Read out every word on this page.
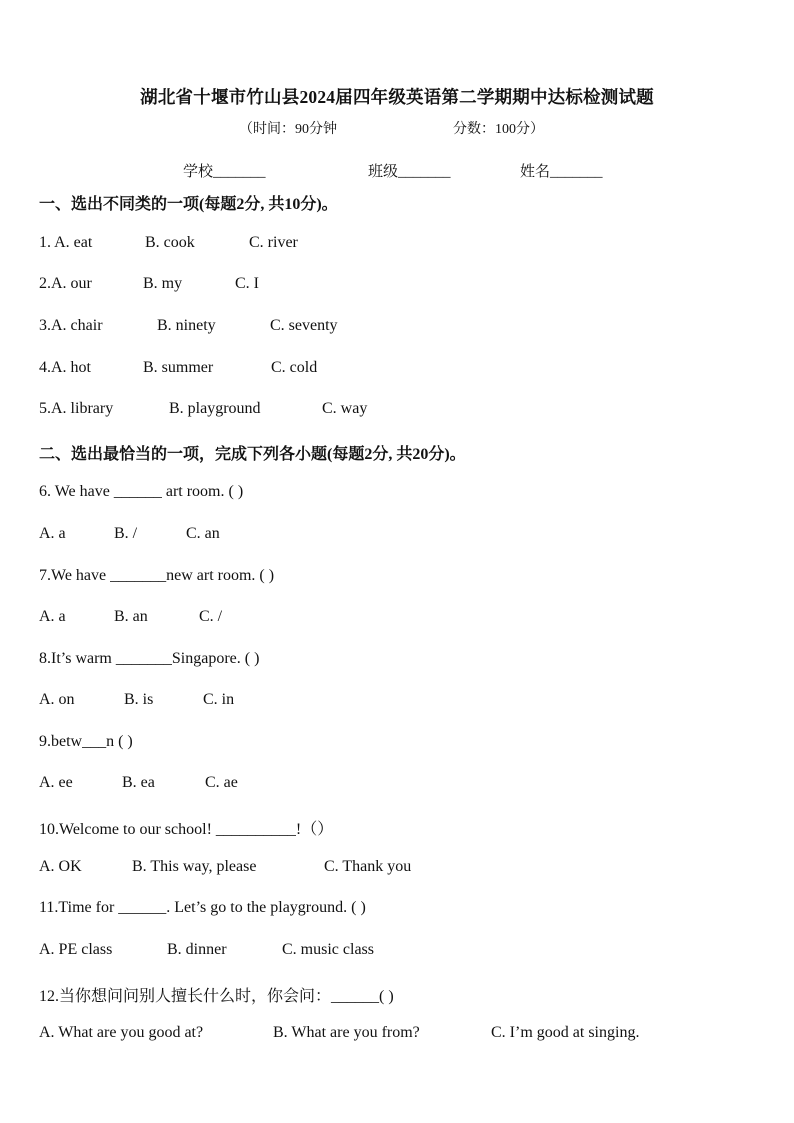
湖北省十堰市竹山县2024届四年级英语第二学期期中达标检测试题
（时间：90分钟	分数：100分）
学校_______	班级_______	姓名_______
一、选出不同类的一项(每题2分, 共10分)。
1. A. eat	B. cook	C. river
2.A. our	B. my	C. I
3.A. chair	B. ninety	C. seventy
4.A. hot	B. summer	C. cold
5.A. library	B. playground	C. way
二、选出最恰当的一项，完成下列各小题(每题2分, 共20分)。
6. We have ______ art room. ( )
A. a	B. /	C. an
7.We have _______new art room. ( )
A. a	B. an	C. /
8.It’s warm _______Singapore. ( )
A. on	B. is	C. in
9.betw___n ( )
A. ee	B. ea	C. ae
10.Welcome to our school! __________!（）
A. OK	B. This way, please	C. Thank you
11.Time for ______. Let’s go to the playground. ( )
A. PE class	B. dinner	C. music class
12.当你想问问别人擅长什么时，你会问：______( )
A. What are you good at?	B. What are you from?	C. I’m good at singing.
